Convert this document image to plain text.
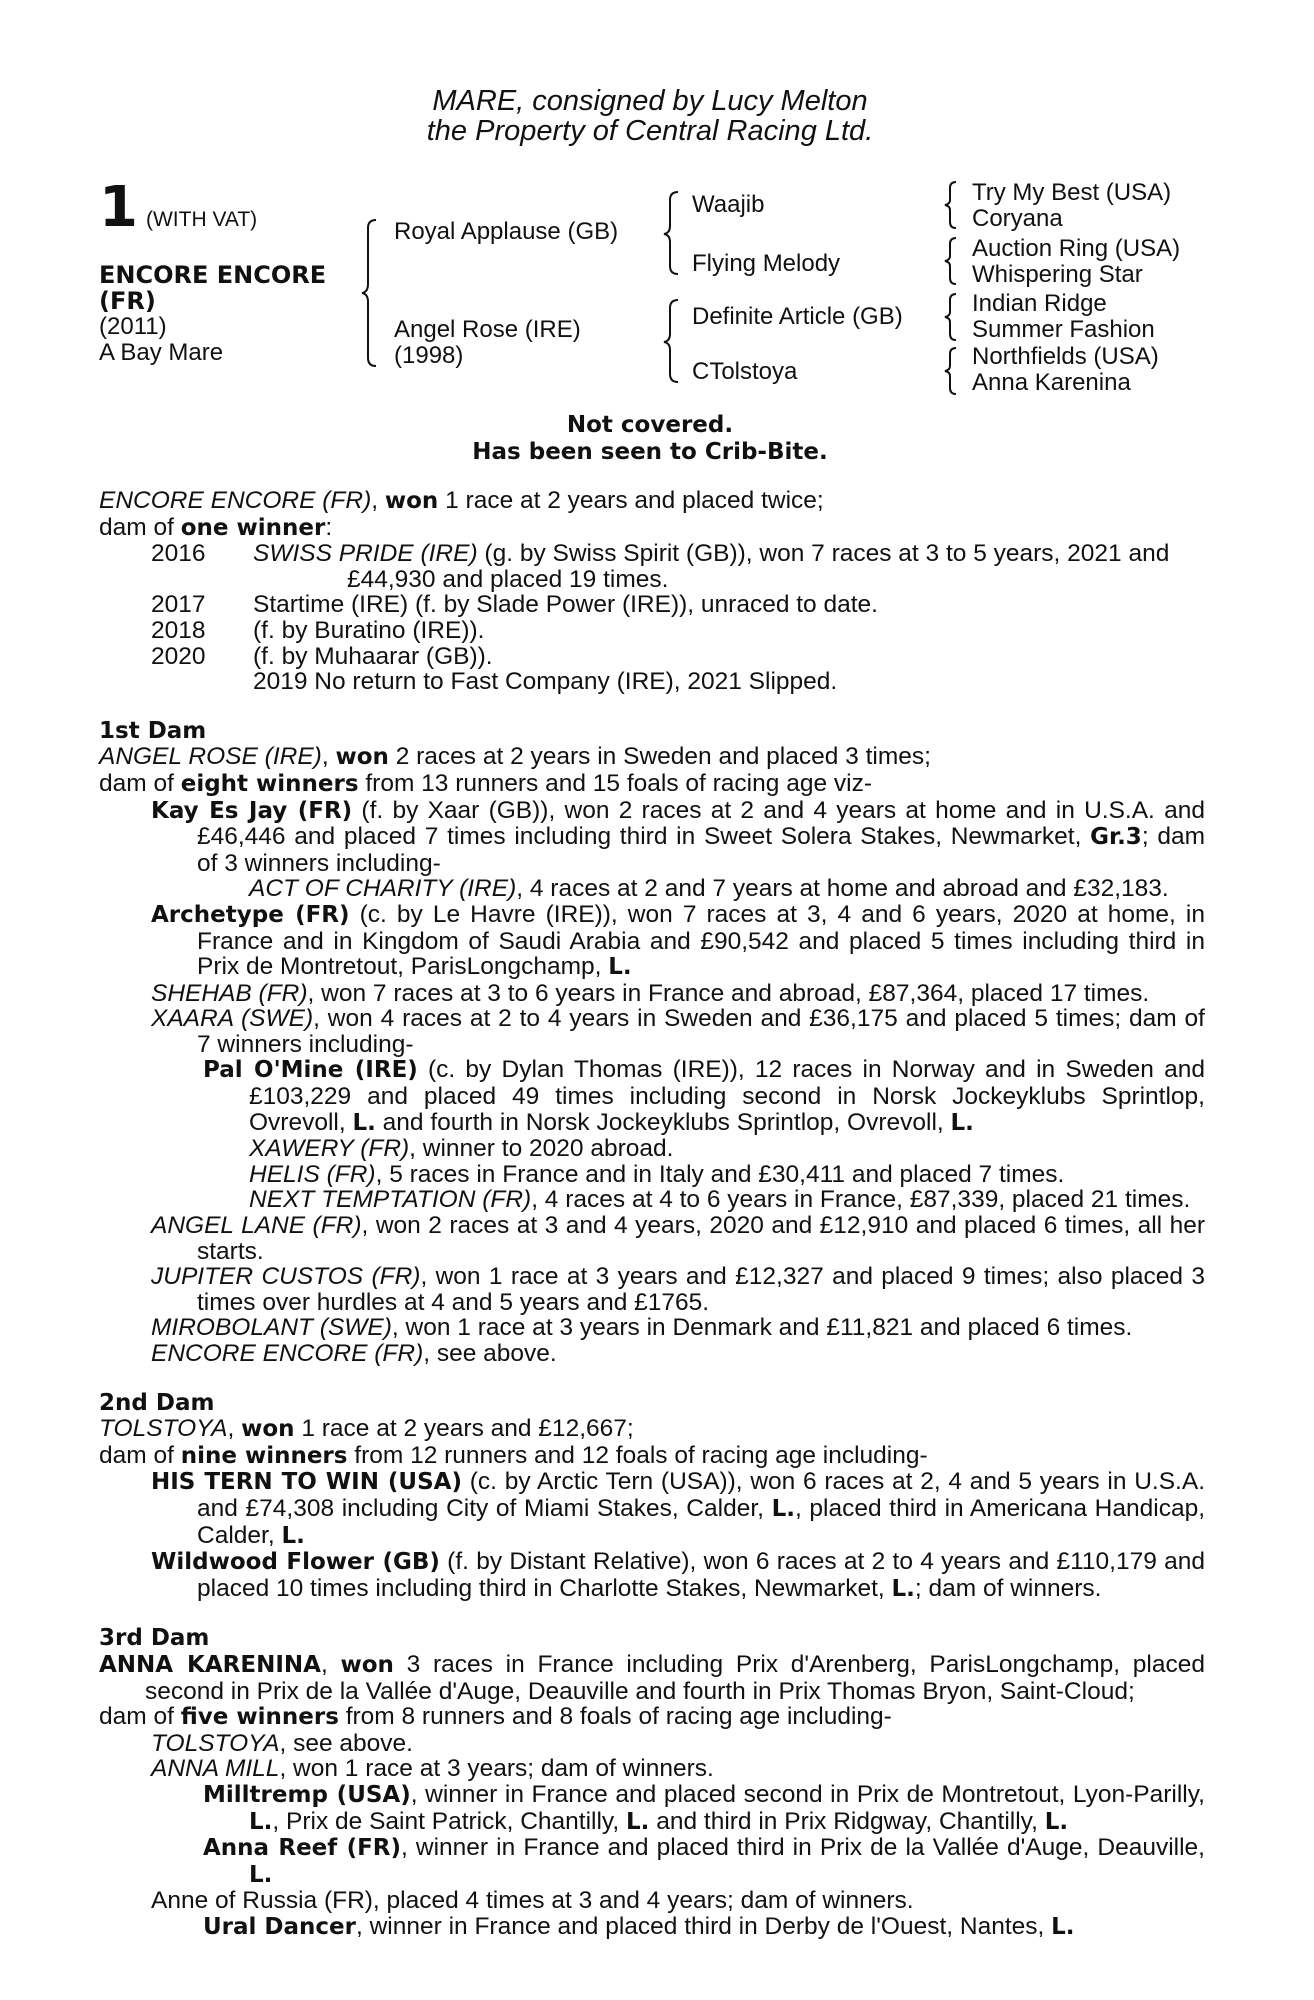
MARE, consigned by Lucy Melton
the Property of Central Racing Ltd.
1 (WITH VAT)
ENCORE ENCORE
(FR)
(2011)
A Bay Mare
Royal Applause (GB)
Angel Rose (IRE)
(1998)
Waajib
Flying Melody
Definite Article (GB)
CTolstoya
Try My Best (USA)
Coryana
Auction Ring (USA)
Whispering Star
Indian Ridge
Summer Fashion
Northfields (USA)
Anna Karenina
Not covered.
Has been seen to Crib-Bite.

ENCORE ENCORE (FR), won 1 race at 2 years and placed twice;
dam of one winner:

2016 SWISS PRIDE (IRE) (g. by Swiss Spirit (GB)), won 7 races at 3 to 5 years, 2021 and
£44,930 and placed 19 times.
2017 Startime (IRE) (f. by Slade Power (IRE)), unraced to date.
2018 (f. by Buratino (IRE)).
2020 (f. by Muhaarar (GB)).
2019 No return to Fast Company (IRE), 2021 Slipped.
1st Dam

ANGEL ROSE (IRE), won 2 races at 2 years in Sweden and placed 3 times;
dam of eight winners from 13 runners and 15 foals of racing age viz-

Kay Es Jay (FR) (f. by Xaar (GB)), won 2 races at 2 and 4 years at home and in U.S.A. and £46,446 and placed 7 times including third in Sweet Solera Stakes, Newmarket, Gr.3; dam of 3 winners including-

ACT OF CHARITY (IRE), 4 races at 2 and 7 years at home and abroad and £32,183.

Archetype (FR) (c. by Le Havre (IRE)), won 7 races at 3, 4 and 6 years, 2020 at home, in France and in Kingdom of Saudi Arabia and £90,542 and placed 5 times including third in Prix de Montretout, ParisLongchamp, L.

SHEHAB (FR), won 7 races at 3 to 6 years in France and abroad, £87,364, placed 17 times.

XAARA (SWE), won 4 races at 2 to 4 years in Sweden and £36,175 and placed 5 times; dam of 7 winners including-

Pal O'Mine (IRE) (c. by Dylan Thomas (IRE)), 12 races in Norway and in Sweden and £103,229 and placed 49 times including second in Norsk Jockeyklubs Sprintlop, Ovrevoll, L. and fourth in Norsk Jockeyklubs Sprintlop, Ovrevoll, L.

XAWERY (FR), winner to 2020 abroad.

HELIS (FR), 5 races in France and in Italy and £30,411 and placed 7 times.

NEXT TEMPTATION (FR), 4 races at 4 to 6 years in France, £87,339, placed 21 times.

ANGEL LANE (FR), won 2 races at 3 and 4 years, 2020 and £12,910 and placed 6 times, all her starts.

JUPITER CUSTOS (FR), won 1 race at 3 years and £12,327 and placed 9 times; also placed 3 times over hurdles at 4 and 5 years and £1765.

MIROBOLANT (SWE), won 1 race at 3 years in Denmark and £11,821 and placed 6 times.

ENCORE ENCORE (FR), see above.

2nd Dam

TOLSTOYA, won 1 race at 2 years and £12,667;
dam of nine winners from 12 runners and 12 foals of racing age including-

HIS TERN TO WIN (USA) (c. by Arctic Tern (USA)), won 6 races at 2, 4 and 5 years in U.S.A. and £74,308 including City of Miami Stakes, Calder, L., placed third in Americana Handicap, Calder, L.

Wildwood Flower (GB) (f. by Distant Relative), won 6 races at 2 to 4 years and £110,179 and placed 10 times including third in Charlotte Stakes, Newmarket, L.; dam of winners.

3rd Dam

ANNA KARENINA, won 3 races in France including Prix d'Arenberg, ParisLongchamp, placed second in Prix de la Vallée d'Auge, Deauville and fourth in Prix Thomas Bryon, Saint-Cloud;

dam of five winners from 8 runners and 8 foals of racing age including-

TOLSTOYA, see above.

ANNA MILL, won 1 race at 3 years; dam of winners.

Milltremp (USA), winner in France and placed second in Prix de Montretout, Lyon-Parilly, L., Prix de Saint Patrick, Chantilly, L. and third in Prix Ridgway, Chantilly, L.

Anna Reef (FR), winner in France and placed third in Prix de la Vallée d'Auge, Deauville, L.

Anne of Russia (FR), placed 4 times at 3 and 4 years; dam of winners.

Ural Dancer, winner in France and placed third in Derby de l'Ouest, Nantes, L.
